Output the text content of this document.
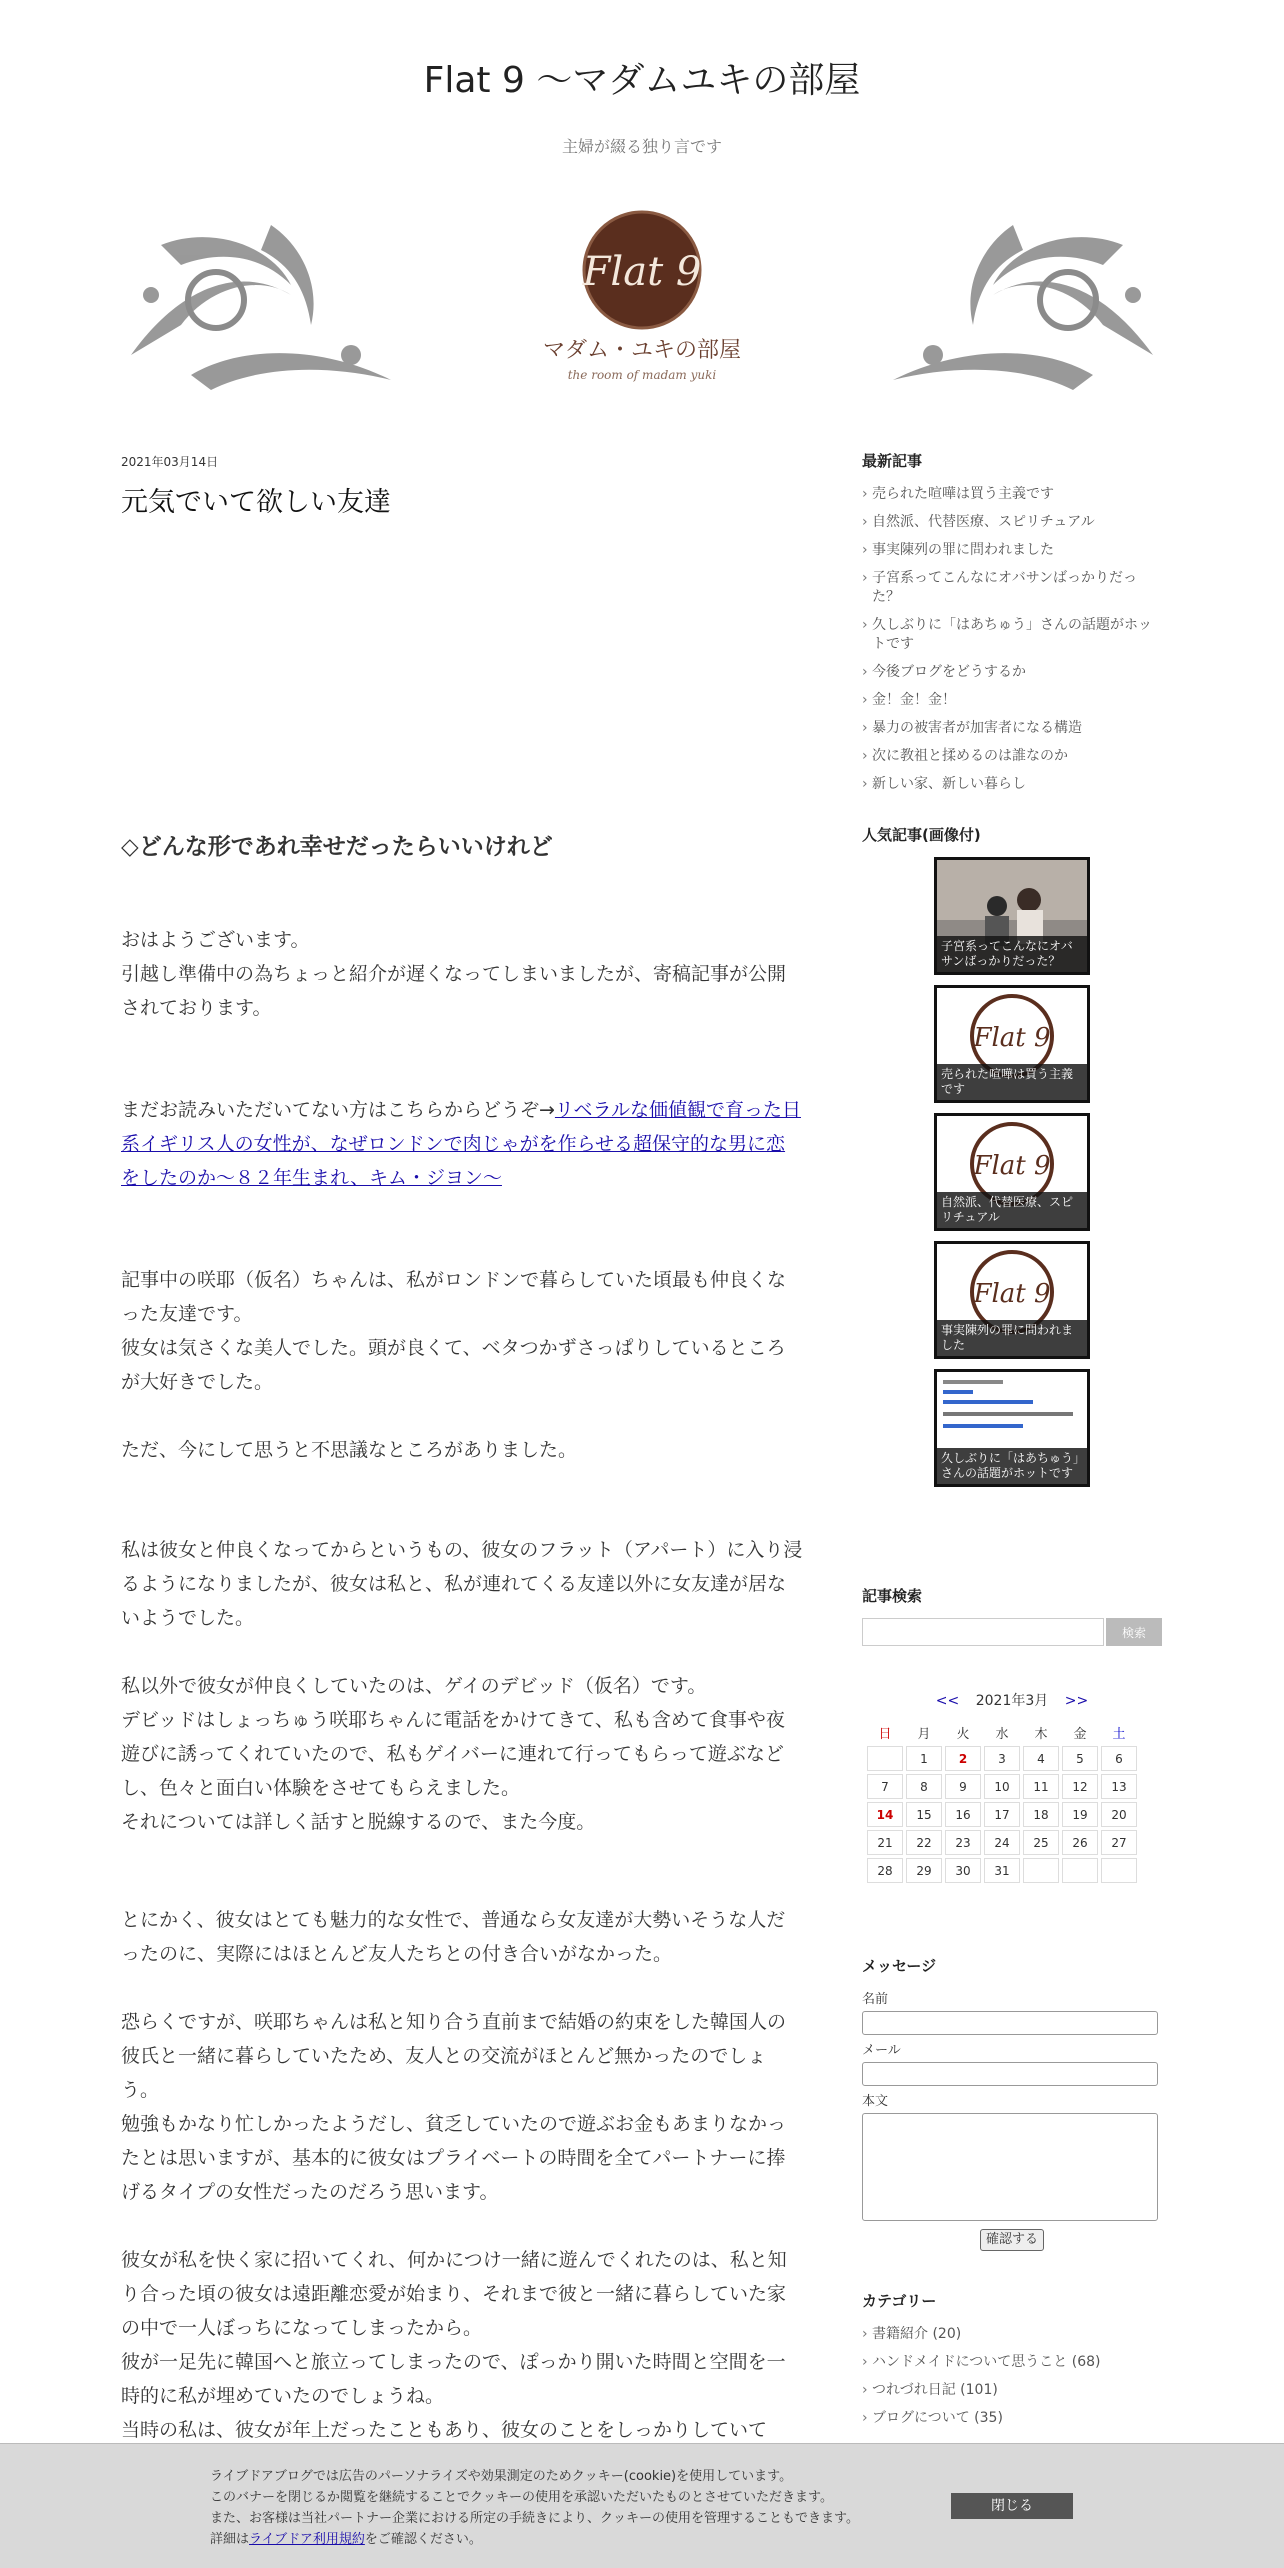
Flat 9 〜マダムユキの部屋
主婦が綴る独り言です
Flat 9
マダム・ユキの部屋
the room of madam yuki
2021年03月14日
元気でいて欲しい友達
◇どんな形であれ幸せだったらいいけれど
おはようございます。
引越し準備中の為ちょっと紹介が遅くなってしまいましたが、寄稿記事が公開されております。
まだお読みいただいてない方はこちらからどうぞ→リベラルな価値観で育った日系イギリス人の女性が、なぜロンドンで肉じゃがを作らせる超保守的な男に恋をしたのか〜８２年生まれ、キム・ジヨン〜
記事中の咲耶（仮名）ちゃんは、私がロンドンで暮らしていた頃最も仲良くなった友達です。
彼女は気さくな美人でした。頭が良くて、ベタつかずさっぱりしているところが大好きでした。
ただ、今にして思うと不思議なところがありました。
私は彼女と仲良くなってからというもの、彼女のフラット（アパート）に入り浸るようになりましたが、彼女は私と、私が連れてくる友達以外に女友達が居ないようでした。
私以外で彼女が仲良くしていたのは、ゲイのデビッド（仮名）です。
デビッドはしょっちゅう咲耶ちゃんに電話をかけてきて、私も含めて食事や夜遊びに誘ってくれていたので、私もゲイバーに連れて行ってもらって遊ぶなどし、色々と面白い体験をさせてもらえました。
それについては詳しく話すと脱線するので、また今度。
とにかく、彼女はとても魅力的な女性で、普通なら女友達が大勢いそうな人だったのに、実際にはほとんど友人たちとの付き合いがなかった。
恐らくですが、咲耶ちゃんは私と知り合う直前まで結婚の約束をした韓国人の彼氏と一緒に暮らしていたため、友人との交流がほとんど無かったのでしょう。
勉強もかなり忙しかったようだし、貧乏していたので遊ぶお金もあまりなかったとは思いますが、基本的に彼女はプライベートの時間を全てパートナーに捧げるタイプの女性だったのだろう思います。
彼女が私を快く家に招いてくれ、何かにつけ一緒に遊んでくれたのは、私と知り合った頃の彼女は遠距離恋愛が始まり、それまで彼と一緒に暮らしていた家の中で一人ぼっちになってしまったから。
彼が一足先に韓国へと旅立ってしまったので、ぽっかり開いた時間と空間を一時的に私が埋めていたのでしょうね。
当時の私は、彼女が年上だったこともあり、彼女のことをしっかりしていて
最新記事
› 売られた喧嘩は買う主義です
› 自然派、代替医療、スピリチュアル
› 事実陳列の罪に問われました
› 子宮系ってこんなにオバサンばっかりだった？
› 久しぶりに「はあちゅう」さんの話題がホットです
› 今後ブログをどうするか
› 金！金！金！
› 暴力の被害者が加害者になる構造
› 次に教祖と揉めるのは誰なのか
› 新しい家、新しい暮らし
人気記事(画像付)
子宮系ってこんなにオバサンばっかりだった？
Flat 9
売られた喧嘩は買う主義です
Flat 9
自然派、代替医療、スピリチュアル
Flat 9
事実陳列の罪に問われました
久しぶりに「はあちゅう」さんの話題がホットです
記事検索
検索
<< 2021年3月 >>
日	月	火	水	木	金	土
	1	2	3	4	5	6
7	8	9	10	11	12	13
14	15	16	17	18	19	20
21	22	23	24	25	26	27
28	29	30	31			
メッセージ
名前
メール
本文
確認する
カテゴリー
› 書籍紹介 (20)
› ハンドメイドについて思うこと (68)
› つれづれ日記 (101)
› ブログについて (35)
ライブドアブログでは広告のパーソナライズや効果測定のためクッキー(cookie)を使用しています。
このバナーを閉じるか閲覧を継続することでクッキーの使用を承認いただいたものとさせていただきます。
また、お客様は当社パートナー企業における所定の手続きにより、クッキーの使用を管理することもできます。
詳細はライブドア利用規約をご確認ください。
閉じる
